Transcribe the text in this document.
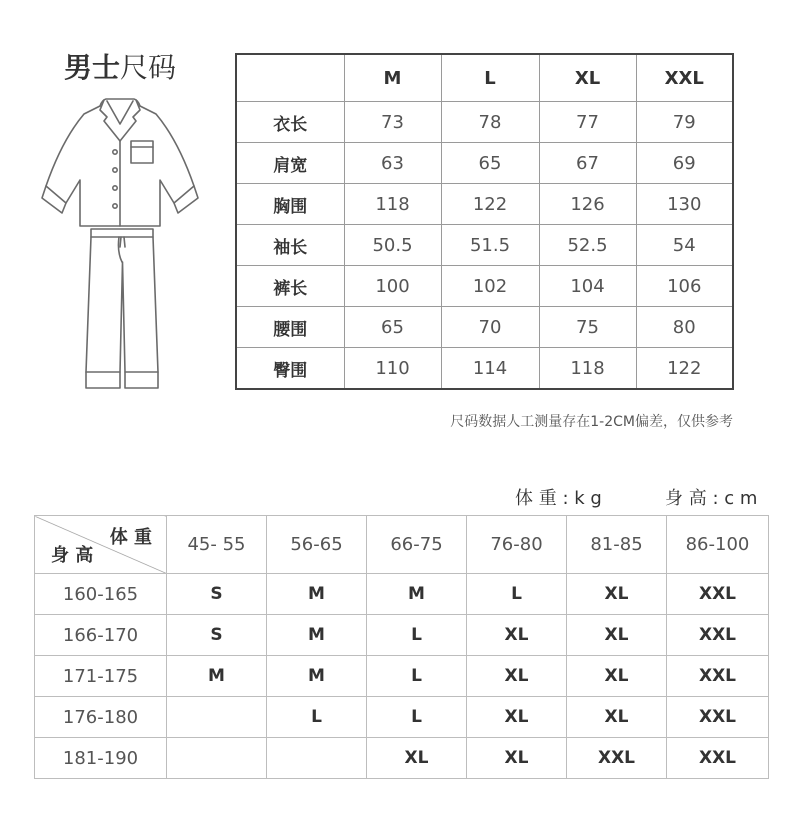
男士尺码
		M	L	XL	XXL
衣长	73	78	77	79
肩宽	63	65	67	69
胸围	118	122	126	130
袖长	50.5	51.5	52.5	54
裤长	100	102	104	106
腰围	65	70	75	80
臀围	110	114	118	122
尺码数据人工测量存在1-2CM偏差，仅供参考
体 重 : k g	身 高 : c m
体 重
身 高	45- 55	56-65	66-75	76-80	81-85	86-100
160-165	S	M	M	L	XL	XXL
166-170	S	M	L	XL	XL	XXL
171-175	M	M	L	XL	XL	XXL
176-180		L	L	XL	XL	XXL
181-190			XL	XL	XXL	XXL
